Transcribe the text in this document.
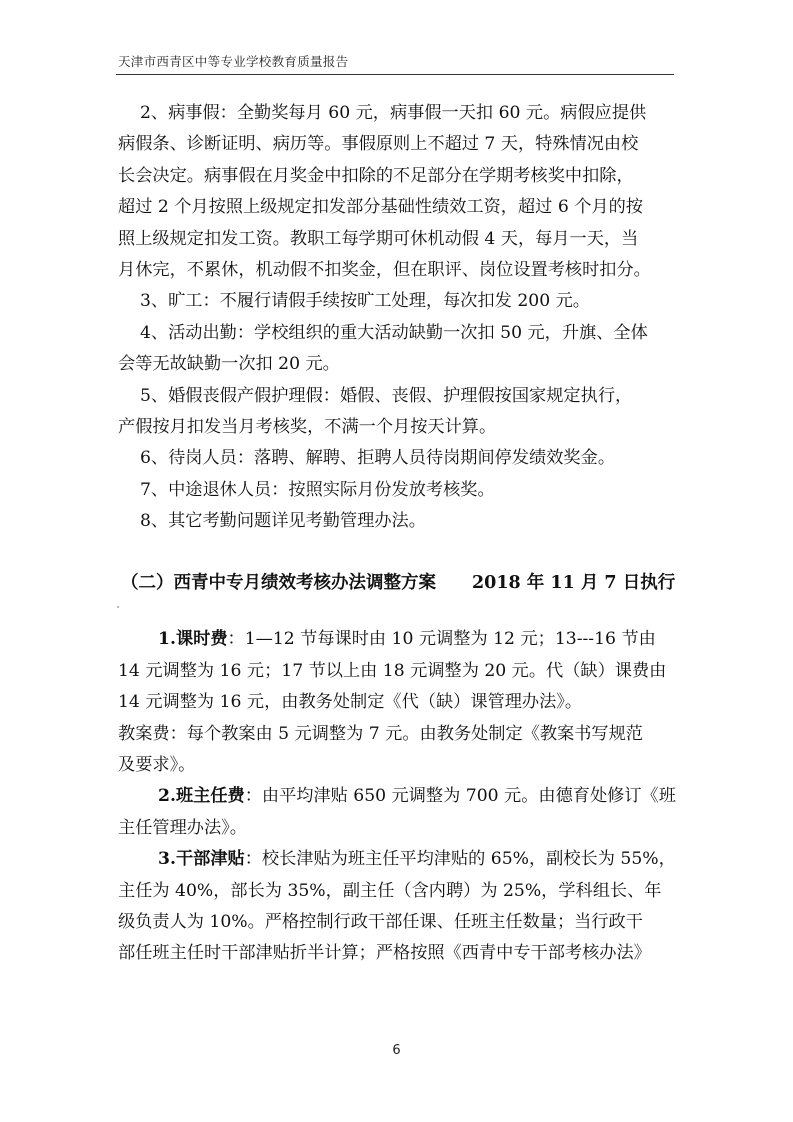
天津市西青区中等专业学校教育质量报告
2、病事假：全勤奖每月 60 元，病事假一天扣 60 元。病假应提供
病假条、诊断证明、病历等。事假原则上不超过 7 天，特殊情况由校
长会决定。病事假在月奖金中扣除的不足部分在学期考核奖中扣除，
超过 2 个月按照上级规定扣发部分基础性绩效工资，超过 6 个月的按
照上级规定扣发工资。教职工每学期可休机动假 4 天，每月一天，当
月休完，不累休，机动假不扣奖金，但在职评、岗位设置考核时扣分。
3、旷工：不履行请假手续按旷工处理，每次扣发 200 元。
4、活动出勤：学校组织的重大活动缺勤一次扣 50 元，升旗、全体
会等无故缺勤一次扣 20 元。
5、婚假丧假产假护理假：婚假、丧假、护理假按国家规定执行，
产假按月扣发当月考核奖，不满一个月按天计算。
6、待岗人员：落聘、解聘、拒聘人员待岗期间停发绩效奖金。
7、中途退休人员：按照实际月份发放考核奖。
8、其它考勤问题详见考勤管理办法。
（二）西青中专月绩效考核办法调整方案 2018 年 11 月 7 日执行
1.课时费：1—12 节每课时由 10 元调整为 12 元；13---16 节由
14 元调整为 16 元；17 节以上由 18 元调整为 20 元。代（缺）课费由
14 元调整为 16 元，由教务处制定《代（缺）课管理办法》。
教案费：每个教案由 5 元调整为 7 元。由教务处制定《教案书写规范
及要求》。
2.班主任费：由平均津贴 650 元调整为 700 元。由德育处修订《班
主任管理办法》。
3.干部津贴：校长津贴为班主任平均津贴的 65%，副校长为 55%，
主任为 40%，部长为 35%，副主任（含内聘）为 25%，学科组长、年
级负责人为 10%。严格控制行政干部任课、任班主任数量；当行政干
部任班主任时干部津贴折半计算；严格按照《西青中专干部考核办法》
6
